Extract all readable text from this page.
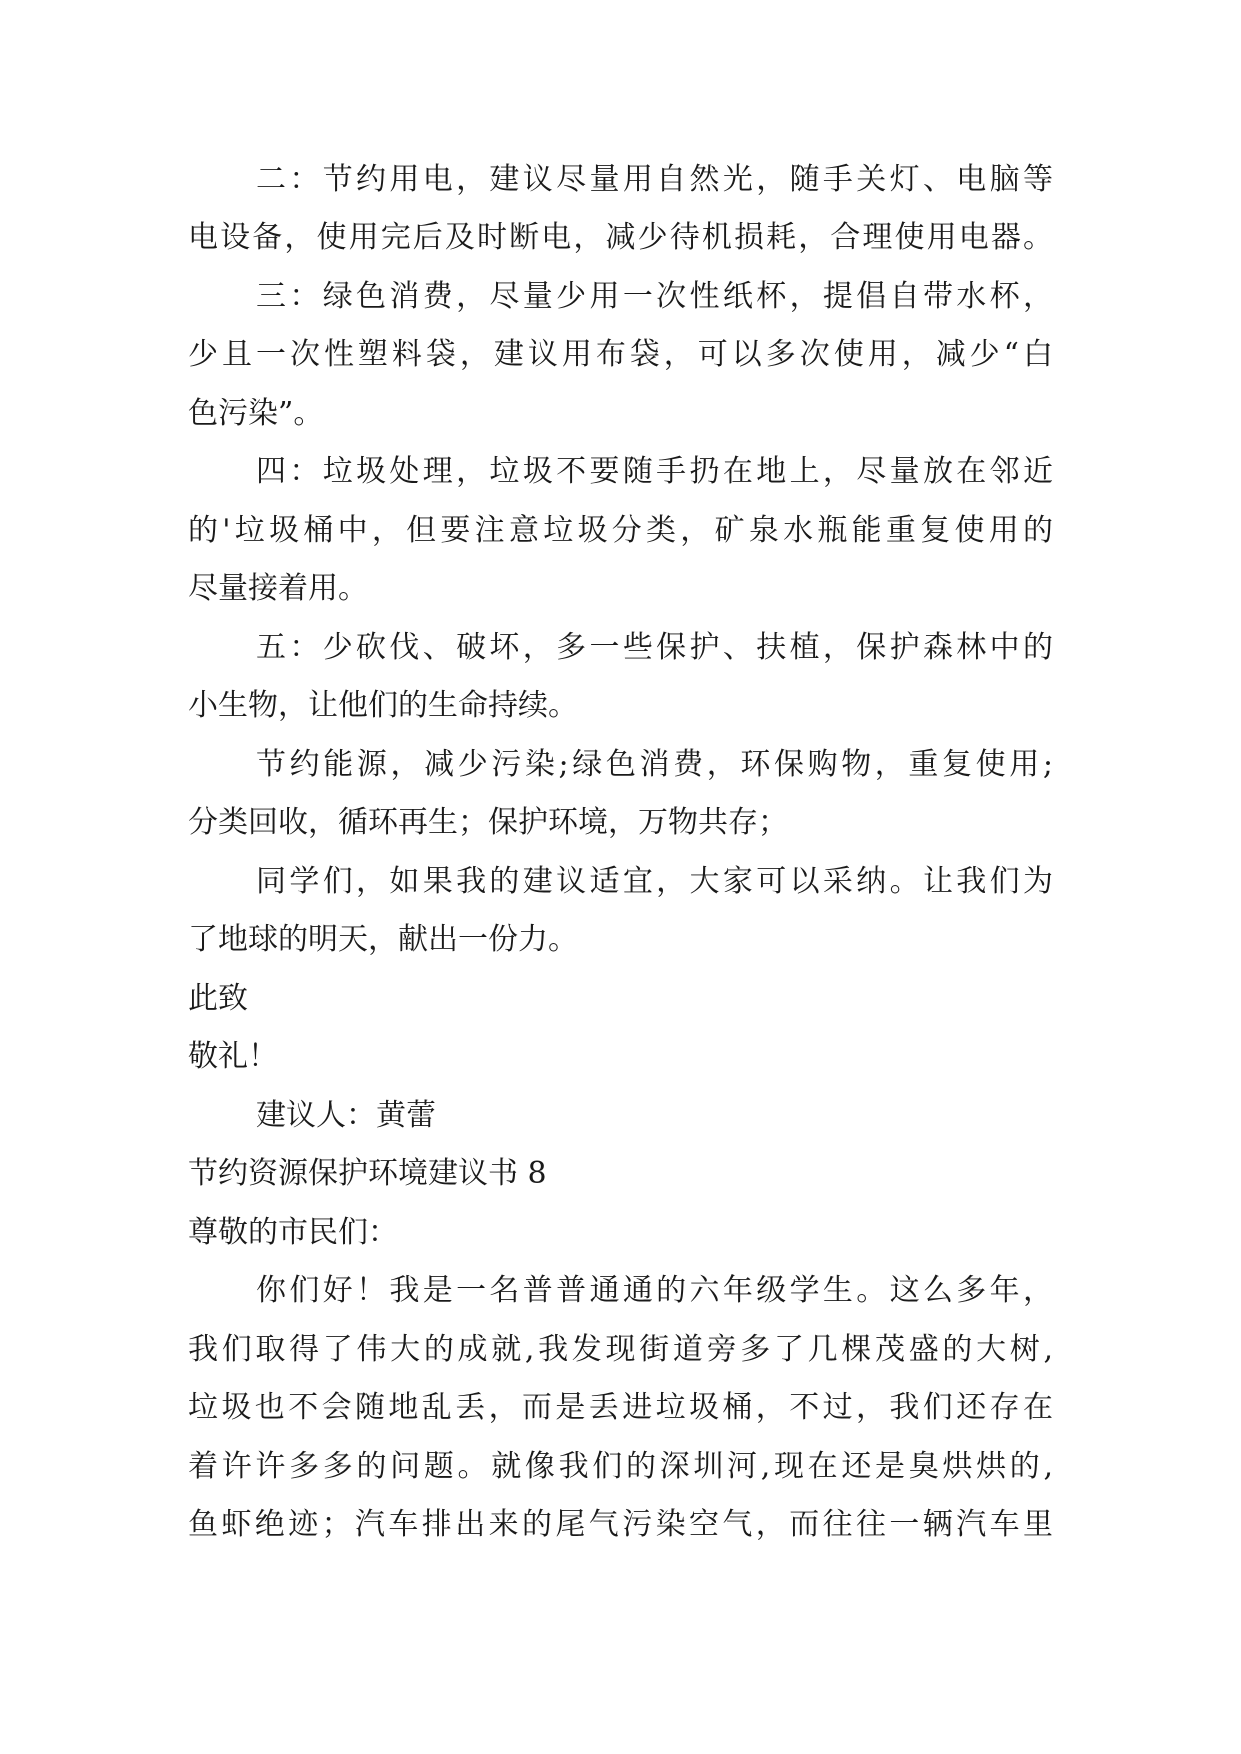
二：节约用电，建议尽量用自然光，随手关灯、电脑等
电设备，使用完后及时断电，减少待机损耗，合理使用电器。
三：绿色消费，尽量少用一次性纸杯，提倡自带水杯，
少且一次性塑料袋，建议用布袋，可以多次使用，减少“白
色污染”。
四：垃圾处理，垃圾不要随手扔在地上，尽量放在邻近
的'垃圾桶中，但要注意垃圾分类，矿泉水瓶能重复使用的
尽量接着用。
五：少砍伐、破坏，多一些保护、扶植，保护森林中的
小生物，让他们的生命持续。
节约能源，减少污染;绿色消费，环保购物，重复使用;
分类回收，循环再生；保护环境，万物共存；
同学们，如果我的建议适宜，大家可以采纳。让我们为
了地球的明天，献出一份力。
此致
敬礼！
建议人：黄蕾
节约资源保护环境建议书 8
尊敬的市民们：
你们好！我是一名普普通通的六年级学生。这么多年，
我们取得了伟大的成就,我发现街道旁多了几棵茂盛的大树,
垃圾也不会随地乱丢，而是丢进垃圾桶，不过，我们还存在
着许许多多的问题。就像我们的深圳河,现在还是臭烘烘的,
鱼虾绝迹；汽车排出来的尾气污染空气，而往往一辆汽车里
